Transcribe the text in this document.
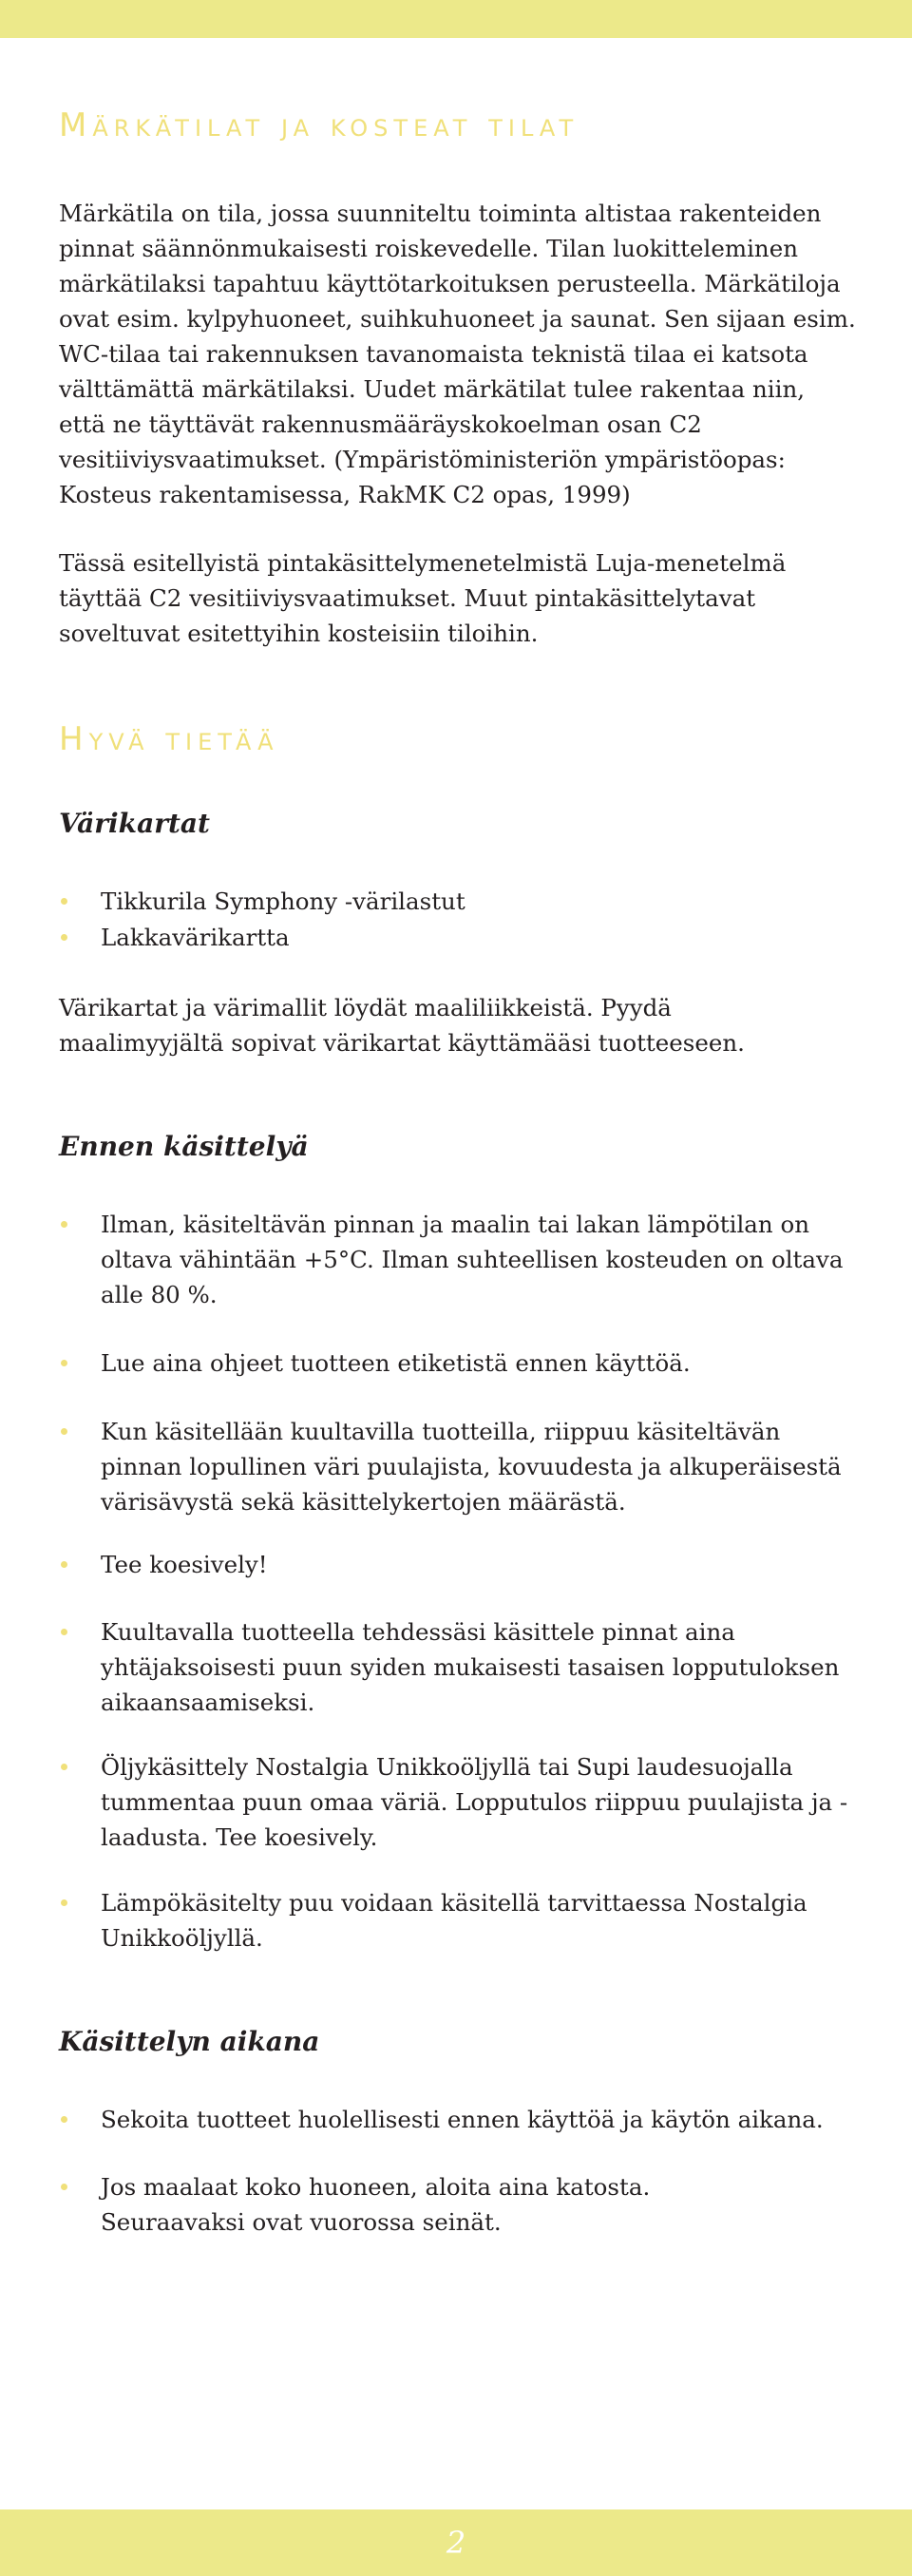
Märkätilat ja kosteat tilat

Märkätila on tila, jossa suunniteltu toiminta altistaa rakenteiden pinnat säännönmukaisesti roiskevedelle. Tilan luokitteleminen märkätilaksi tapahtuu käyttötarkoituksen perusteella. Märkätiloja ovat esim. kylpyhuoneet, suihkuhuoneet ja saunat. Sen sijaan esim. WC-tilaa tai rakennuksen tavanomaista teknistä tilaa ei katsota välttämättä märkätilaksi. Uudet märkätilat tulee rakentaa niin, että ne täyttävät rakennusmääräyskokoelman osan C2 vesitiiviysvaatimukset. (Ympäristöministeriön ympäristöopas: Kosteus rakentamisessa, RakMK C2 opas, 1999)

Tässä esitellyistä pintakäsittelymenetelmistä Luja-menetelmä täyttää C2 vesitiiviysvaatimukset. Muut pintakäsittelytavat soveltuvat esitettyihin kosteisiin tiloihin.

Hyvä tietää
Värikartat
Tikkurila Symphony -värilastut
Lakkavärikartta

Värikartat ja värimallit löydät maaliliikkeistä. Pyydä maalimyyjältä sopivat värikartat käyttämääsi tuotteeseen.

Ennen käsittelyä
Ilman, käsiteltävän pinnan ja maalin tai lakan lämpötilan on oltava vähintään +5°C. Ilman suhteellisen kosteuden on oltava alle 80 %.
Lue aina ohjeet tuotteen etiketistä ennen käyttöä.
Kun käsitellään kuultavilla tuotteilla, riippuu käsiteltävän pinnan lopullinen väri puulajista, kovuudesta ja alkuperäisestä värisävystä sekä käsittelykertojen määrästä.
Tee koesively!
Kuultavalla tuotteella tehdessäsi käsittele pinnat aina yhtäjaksoisesti puun syiden mukaisesti tasaisen lopputuloksen aikaansaamiseksi.
Öljykäsittely Nostalgia Unikkoöljyllä tai Supi laudesuojalla tummentaa puun omaa väriä. Lopputulos riippuu puulajista ja -laadusta. Tee koesively.
Lämpökäsitelty puu voidaan käsitellä tarvittaessa Nostalgia Unikkoöljyllä.
Käsittelyn aikana
Sekoita tuotteet huolellisesti ennen käyttöä ja käytön aikana.
Jos maalaat koko huoneen, aloita aina katosta. Seuraavaksi ovat vuorossa seinät.
2
